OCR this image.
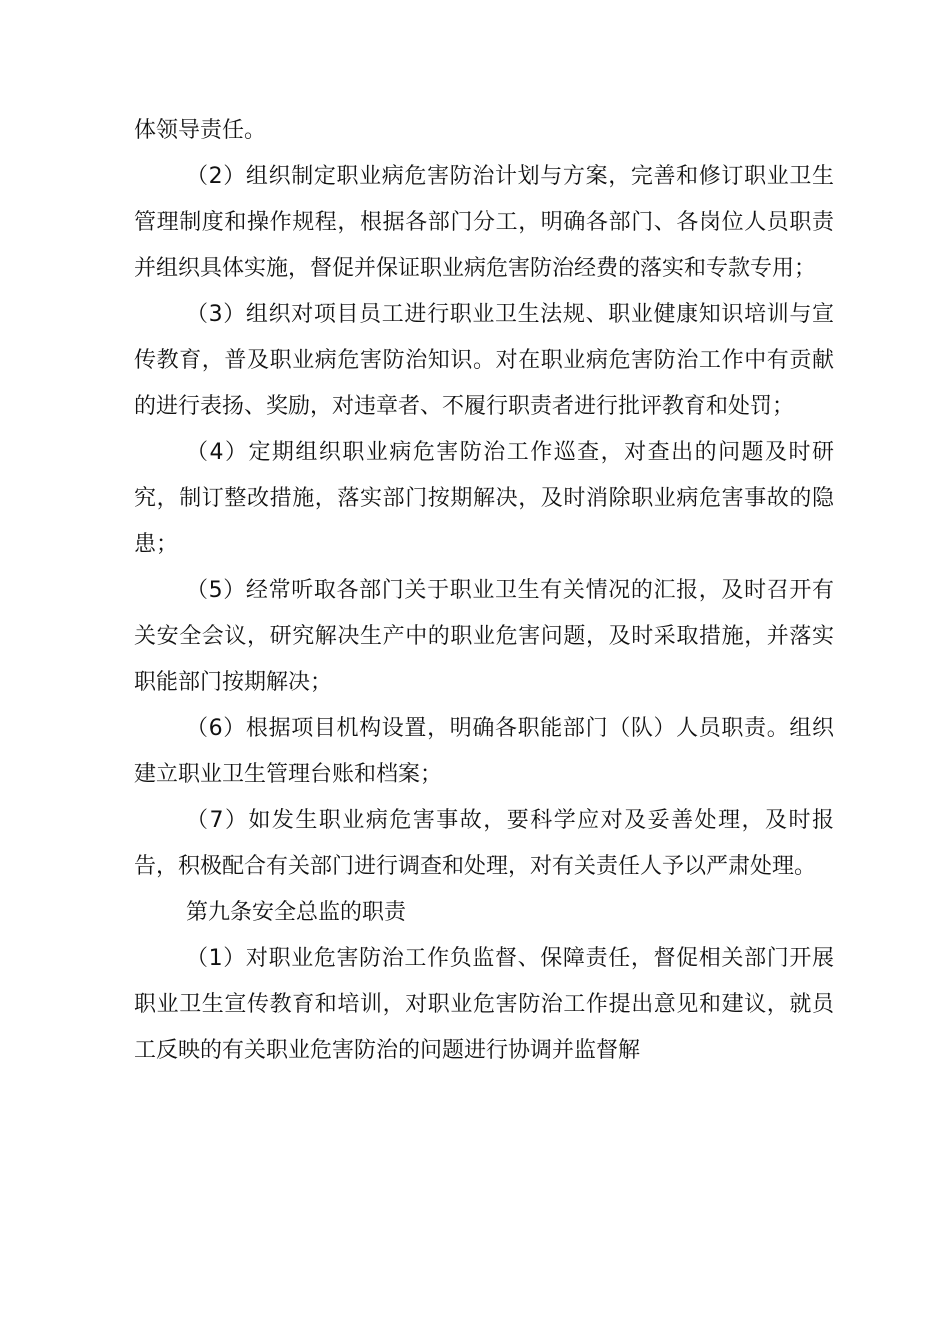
体领导责任。

（2）组织制定职业病危害防治计划与方案，完善和修订职业卫生管理制度和操作规程，根据各部门分工，明确各部门、各岗位人员职责并组织具体实施，督促并保证职业病危害防治经费的落实和专款专用；

（3）组织对项目员工进行职业卫生法规、职业健康知识培训与宣传教育，普及职业病危害防治知识。对在职业病危害防治工作中有贡献的进行表扬、奖励，对违章者、不履行职责者进行批评教育和处罚；

（4）定期组织职业病危害防治工作巡查，对查出的问题及时研究，制订整改措施，落实部门按期解决，及时消除职业病危害事故的隐患；

（5）经常听取各部门关于职业卫生有关情况的汇报，及时召开有关安全会议，研究解决生产中的职业危害问题，及时采取措施，并落实职能部门按期解决；

（6）根据项目机构设置，明确各职能部门（队）人员职责。组织建立职业卫生管理台账和档案；

（7）如发生职业病危害事故，要科学应对及妥善处理，及时报告，积极配合有关部门进行调查和处理，对有关责任人予以严肃处理。

第九条安全总监的职责

（1）对职业危害防治工作负监督、保障责任，督促相关部门开展职业卫生宣传教育和培训，对职业危害防治工作提出意见和建议，就员工反映的有关职业危害防治的问题进行协调并监督解
